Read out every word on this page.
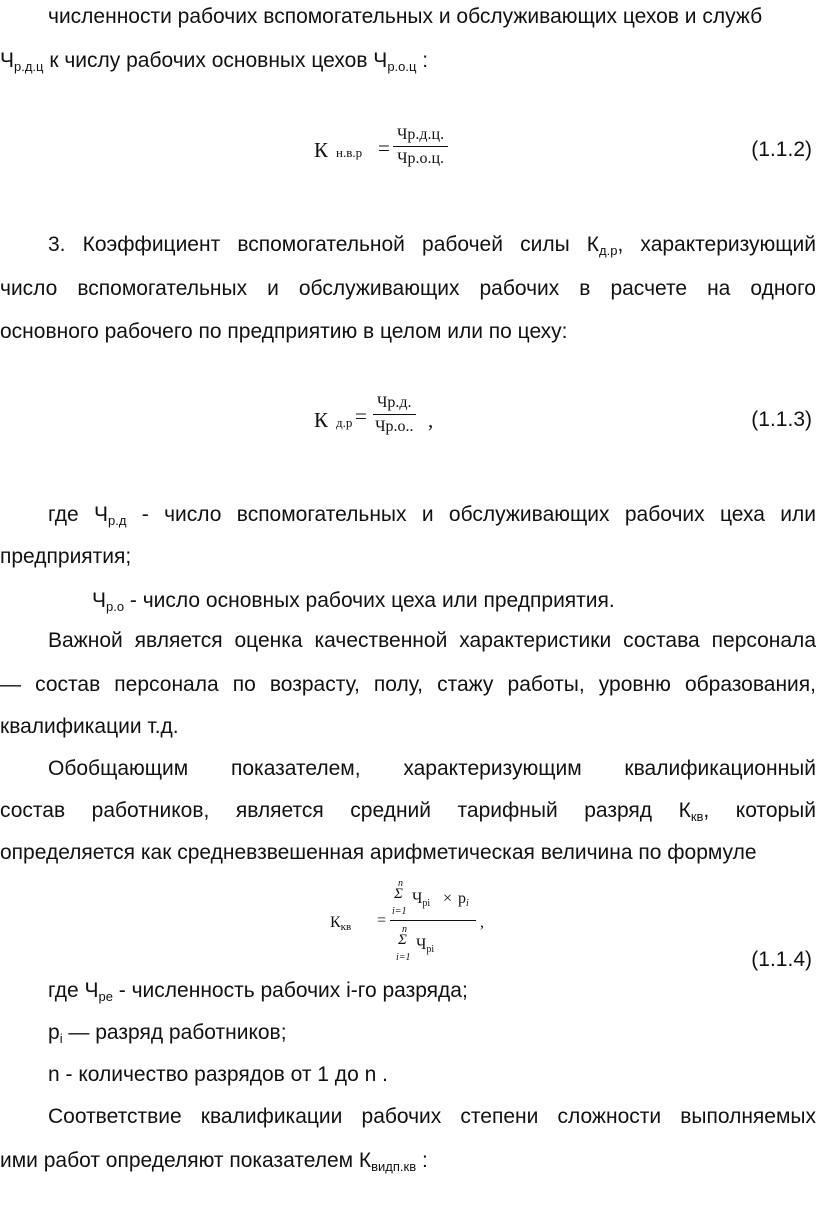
численности рабочих вспомогательных и обслуживающих цехов и служб
Чр.д.ц к числу рабочих основных цехов Чр.о.ц :
Кн.в.р =
Чр.д.ц.
Чр.о.ц.	(1.1.2)
3. Коэффициент вспомогательной рабочей силы Кд.р, характеризующий
число вспомогательных и обслуживающих рабочих в расчете на одного
основного рабочего по предприятию в целом или по цеху:
Кд.р =
Чр.д.
Чр.о.. ,	(1.1.3)
где Чр.д - число вспомогательных и обслуживающих рабочих цеха или
предприятия;
Чр.о - число основных рабочих цеха или предприятия.
Важной является оценка качественной характеристики состава персонала
— состав персонала по возрасту, полу, стажу работы, уровню образования,
квалификации т.д.
Обобщающим показателем, характеризующим квалификационный
состав работников, является средний тарифный разряд Ккв, который
определяется как средневзвешенная арифметическая величина по формуле
Ккв =
n
Σ
i=1
Чрi × рi
n
Σ
i=1
Чрi
,
(1.1.4)
где Чре - численность рабочих i-го разряда;
рi — разряд работников;
n - количество разрядов от 1 до n .
Соответствие квалификации рабочих степени сложности выполняемых
ими работ определяют показателем Квидп.кв :
